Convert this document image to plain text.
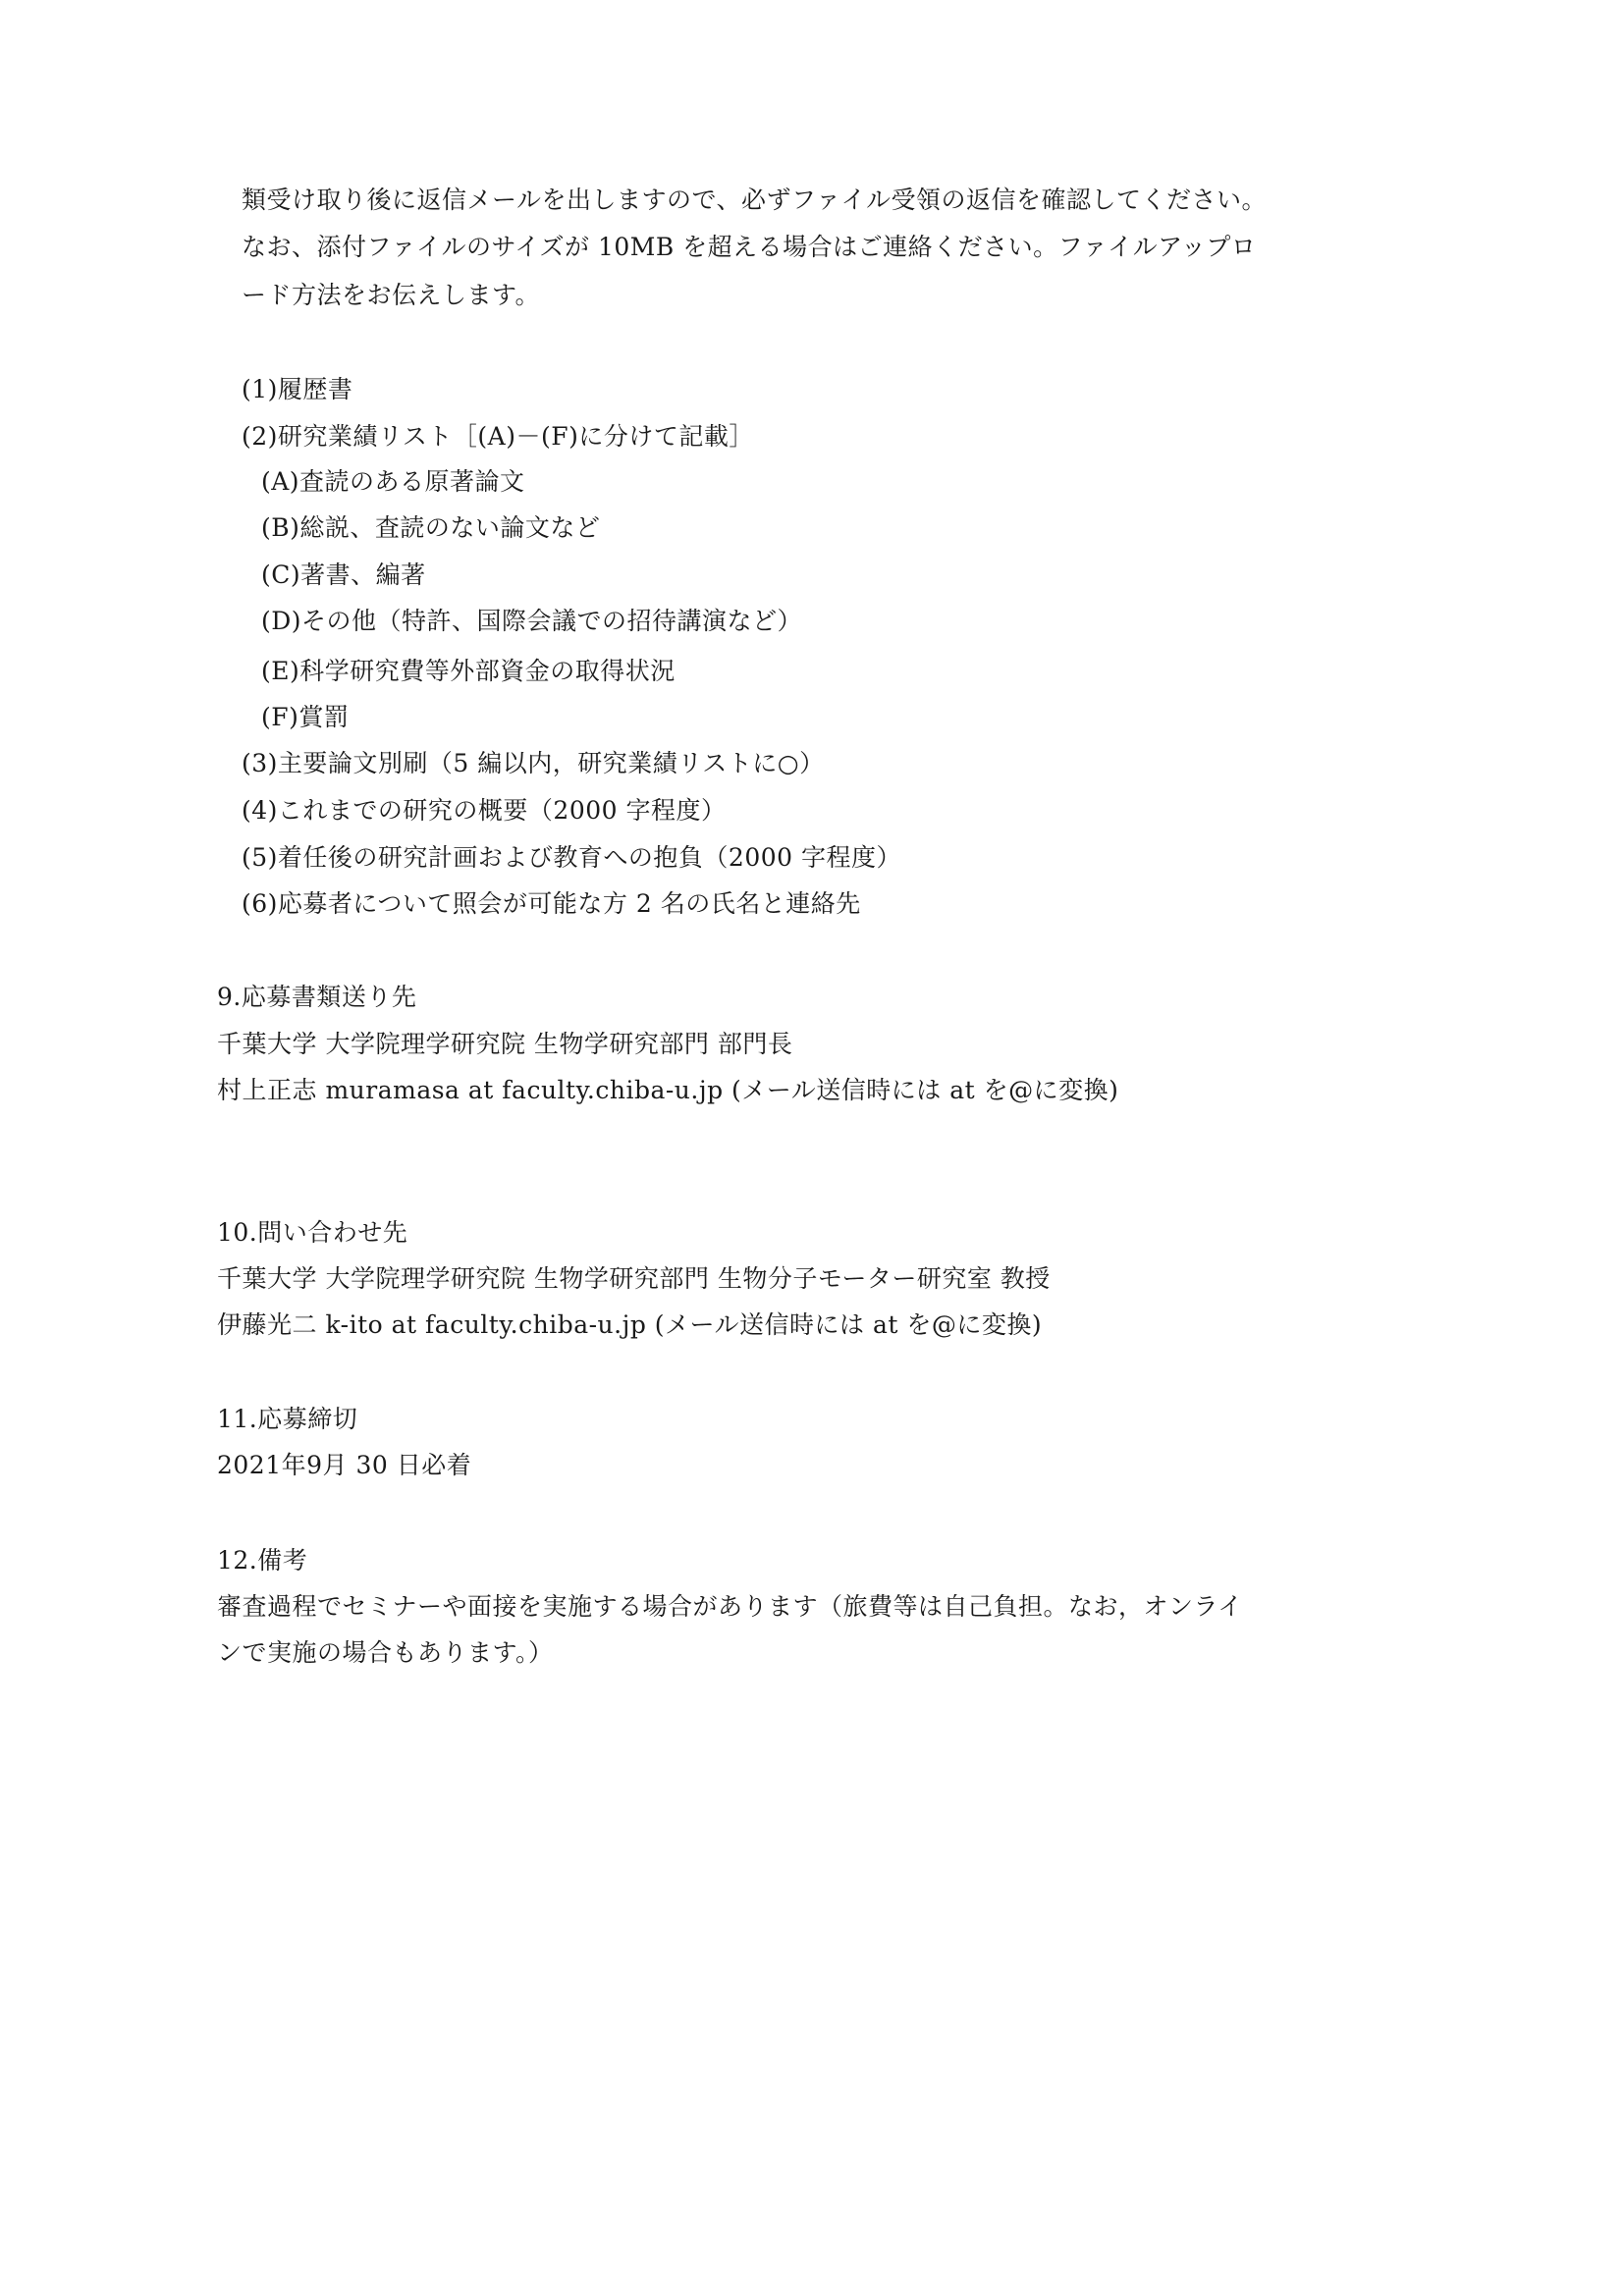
類受け取り後に返信メールを出しますので、必ずファイル受領の返信を確認してください。
なお、添付ファイルのサイズが 10MB を超える場合はご連絡ください。ファイルアップロ
ード方法をお伝えします。
(1)履歴書
(2)研究業績リスト［(A)－(F)に分けて記載］
(A)査読のある原著論文
(B)総説、査読のない論文など
(C)著書、編著
(D)その他（特許、国際会議での招待講演など）
(E)科学研究費等外部資金の取得状況
(F)賞罰
(3)主要論文別刷（5 編以内，研究業績リストに○）
(4)これまでの研究の概要（2000 字程度）
(5)着任後の研究計画および教育への抱負（2000 字程度）
(6)応募者について照会が可能な方 2 名の氏名と連絡先
9.応募書類送り先
千葉大学 大学院理学研究院 生物学研究部門 部門長
村上正志 muramasa at faculty.chiba-u.jp (メール送信時には at を@に変換)
10.問い合わせ先
千葉大学 大学院理学研究院 生物学研究部門 生物分子モーター研究室 教授
伊藤光二 k-ito at faculty.chiba-u.jp (メール送信時には at を@に変換)
11.応募締切
2021年9月 30 日必着
12.備考
審査過程でセミナーや面接を実施する場合があります（旅費等は自己負担。なお，オンライ
ンで実施の場合もあります。）
